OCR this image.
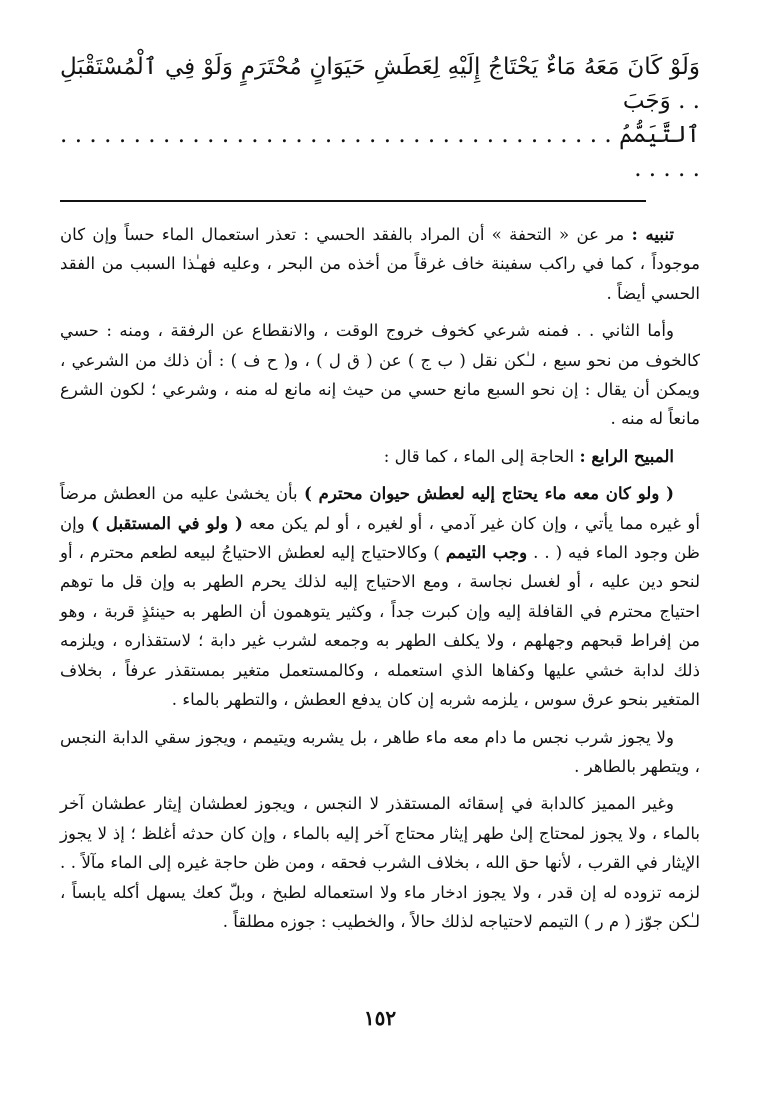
وَلَوْ كَانَ مَعَهُ مَاءٌ يَحْتَاجُ إِلَيْهِ لِعَطَشِ حَيَوَانٍ مُحْتَرَمٍ وَلَوْ فِي ٱلْمُسْتَقْبَلِ . . وَجَبَ
ٱلتَّيَمُّمُ . . . . . . . . . . . . . . . . . . . . . . . . . . . . . . . . . . . . . . . . . . .

تنبيه : مر عن « التحفة » أن المراد بالفقد الحسي : تعذر استعمال الماء حساً وإن كان موجوداً ، كما في راكب سفينة خاف غرقاً من أخذه من البحر ، وعليه فهـٰذا السبب من الفقد الحسي أيضاً .

وأما الثاني . . فمنه شرعي كخوف خروج الوقت ، والانقطاع عن الرفقة ، ومنه : حسي كالخوف من نحو سبع ، لـٰكن نقل ( ب ج ) عن ( ق ل ) ، و( ح ف ) : أن ذلك من الشرعي ، ويمكن أن يقال : إن نحو السبع مانع حسي من حيث إنه مانع له منه ، وشرعي ؛ لكون الشرع مانعاً له منه .

المبيح الرابع : الحاجة إلى الماء ، كما قال :

( ولو كان معه ماء يحتاج إليه لعطش حيوان محترم ) بأن يخشىٰ عليه من العطش مرضاً أو غيره مما يأتي ، وإن كان غير آدمي ، أو لغيره ، أو لم يكن معه ( ولو في المستقبل ) وإن ظن وجود الماء فيه ( . . وجب التيمم ) وكالاحتياج إليه لعطش الاحتياجُ لبيعه لطعم محترم ، أو لنحو دين عليه ، أو لغسل نجاسة ، ومع الاحتياج إليه لذلك يحرم الطهر به وإن قل ما توهم احتياج محترم في القافلة إليه وإن كبرت جداً ، وكثير يتوهمون أن الطهر به حينئذٍ قربة ، وهو من إفراط قبحهم وجهلهم ، ولا يكلف الطهر به وجمعه لشرب غير دابة ؛ لاستقذاره ، ويلزمه ذلك لدابة خشي عليها وكفاها الذي استعمله ، وكالمستعمل متغير بمستقذر عرفاً ، بخلاف المتغير بنحو عرق سوس ، يلزمه شربه إن كان يدفع العطش ، والتطهر بالماء .

ولا يجوز شرب نجس ما دام معه ماء طاهر ، بل يشربه ويتيمم ، ويجوز سقي الدابة النجس ، ويتطهر بالطاهر .

وغير المميز كالدابة في إسقائه المستقذر لا النجس ، ويجوز لعطشان إيثار عطشان آخر بالماء ، ولا يجوز لمحتاج إلىٰ طهر إيثار محتاج آخر إليه بالماء ، وإن كان حدثه أغلظ ؛ إذ لا يجوز الإيثار في القرب ، لأنها حق الله ، بخلاف الشرب فحقه ، ومن ظن حاجة غيره إلى الماء مآلاً . . لزمه تزوده له إن قدر ، ولا يجوز ادخار ماء ولا استعماله لطبخ ، وبلّ كعك يسهل أكله يابساً ، لـٰكن جوّز ( م ر ) التيمم لاحتياجه لذلك حالاً ، والخطيب : جوزه مطلقاً .

١٥٢
